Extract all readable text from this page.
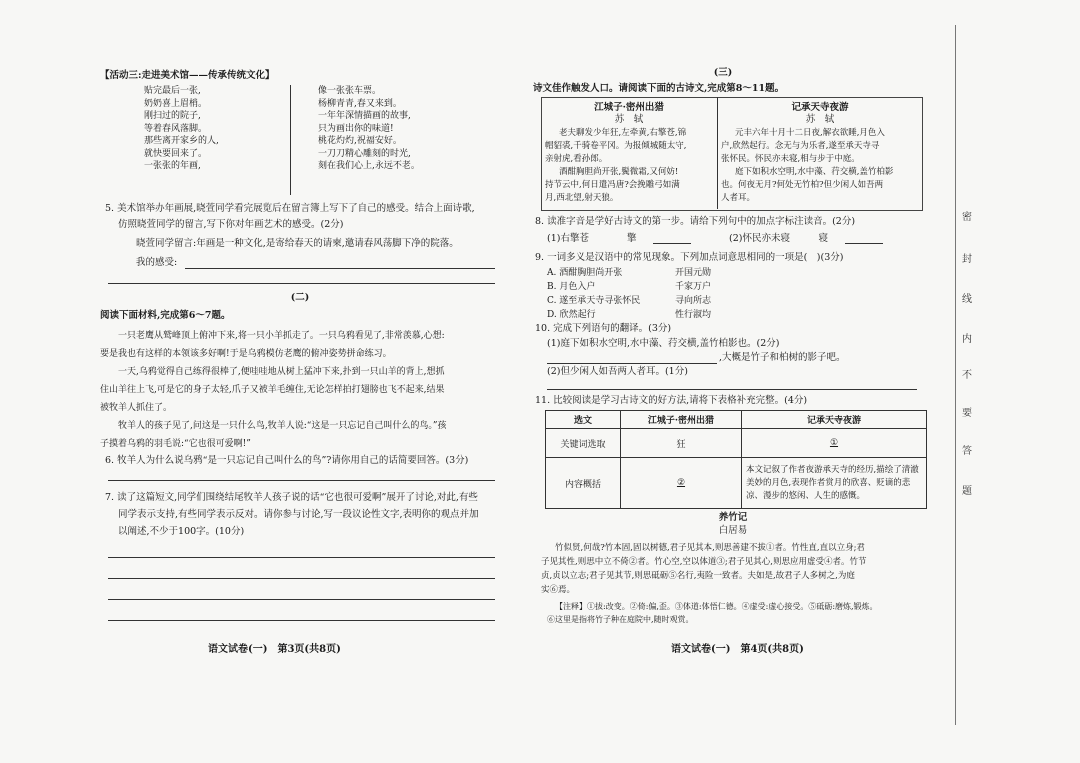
【活动三:走进美术馆——传承传统文化】
贴完最后一张,
奶奶喜上眉梢。
刚扫过的院子,
等着春风落脚。
那些离开家乡的人,
就快要回来了。
一张张的年画,
像一张张车票。
杨柳青青,春又来到。
一年年深情描画的故事,
只为画出你的味道!
桃花灼灼,祝福安好。
一刀刀精心雕刻的时光,
刻在我们心上,永远不老。
5. 美术馆举办年画展,晓萱同学看完展览后在留言簿上写下了自己的感受。结合上面诗歌,
仿照晓萱同学的留言,写下你对年画艺术的感受。(2分)
晓萱同学留言:年画是一种文化,是寄给春天的请柬,邀请春风荡脚下净的院落。
我的感受:
(二)
阅读下面材料,完成第6～7题。
一只老鹰从鹫峰顶上俯冲下来,将一只小羊抓走了。一只乌鸦看见了,非常羡慕,心想:
要是我也有这样的本领该多好啊!于是乌鸦模仿老鹰的俯冲姿势拼命练习。
一天,乌鸦觉得自己练得很棒了,便哇哇地从树上猛冲下来,扑到一只山羊的背上,想抓
住山羊往上飞,可是它的身子太轻,爪子又被羊毛缠住,无论怎样拍打翅膀也飞不起来,结果
被牧羊人抓住了。
牧羊人的孩子见了,问这是一只什么鸟,牧羊人说:“这是一只忘记自己叫什么的鸟。”孩
子摸着乌鸦的羽毛说:“它也很可爱啊!”
6. 牧羊人为什么说乌鸦“是一只忘记自己叫什么的鸟”?请你用自己的话简要回答。(3分)
7. 读了这篇短文,同学们围绕结尾牧羊人孩子说的话“它也很可爱啊”展开了讨论,对此,有些
同学表示支持,有些同学表示反对。请你参与讨论,写一段议论性文字,表明你的观点并加
以阐述,不少于100字。(10分)
语文试卷(一)　第3页(共8页)
(三)
诗文佳作触发人口。请阅读下面的古诗文,完成第8～11题。
江城子·密州出猎
苏　轼
老夫聊发少年狂,左牵黄,右擎苍,锦
帽貂裘,千骑卷平冈。为报倾城随太守,
亲射虎,看孙郎。
酒酣胸胆尚开张,鬓微霜,又何妨!
持节云中,何日遣冯唐?会挽雕弓如满
月,西北望,射天狼。
记承天寺夜游
苏　轼
元丰六年十月十二日夜,解衣欲睡,月色入
户,欣然起行。念无与为乐者,遂至承天寺寻
张怀民。怀民亦未寝,相与步于中庭。
庭下如积水空明,水中藻、荇交横,盖竹柏影
也。何夜无月?何处无竹柏?但少闲人如吾两
人者耳。
8. 读准字音是学好古诗文的第一步。请给下列句中的加点字标注读音。(2分)
(1)右擎苍　　　　擎	(2)怀民亦未寝　　　寝
9. 一词多义是汉语中的常见现象。下列加点词意思相同的一项是(　)(3分)
A. 酒酣胸胆尚开张	开国元勋
B. 月色入户	千家万户
C. 遂至承天寺寻张怀民	寻向所志
D. 欣然起行	性行淑均
10. 完成下列语句的翻译。(3分)
(1)庭下如积水空明,水中藻、荇交横,盖竹柏影也。(2分)
,大概是竹子和柏树的影子吧。
(2)但少闲人如吾两人者耳。(1分)
11. 比较阅读是学习古诗文的好方法,请将下表格补充完整。(4分)
选文	江城子·密州出猎	记承天寺夜游
关键词选取	狂	①
内容概括	②	本文记叙了作者夜游承天寺的经历,描绘了清澈美妙的月色,表现作者赏月的欣喜、贬谪的悲凉、漫步的悠闲、人生的感慨。
养竹记
白居易
竹似贤,何哉?竹本固,固以树德,君子见其本,则思善建不拔①者。竹性直,直以立身;君
子见其性,则思中立不倚②者。竹心空,空以体道③;君子见其心,则思应用虚受④者。竹节
贞,贞以立志;君子见其节,则思砥砺⑤名行,夷险一致者。夫如是,故君子人多树之,为庭
实⑥焉。
【注释】①拔:改变。②倚:偏,歪。③体道:体悟仁德。④虚受:虚心接受。⑤砥砺:磨炼,锻炼。
⑥这里是指将竹子种在庭院中,随时观赏。
语文试卷(一)　第4页(共8页)
密
封
线
内
不
要
答
题
